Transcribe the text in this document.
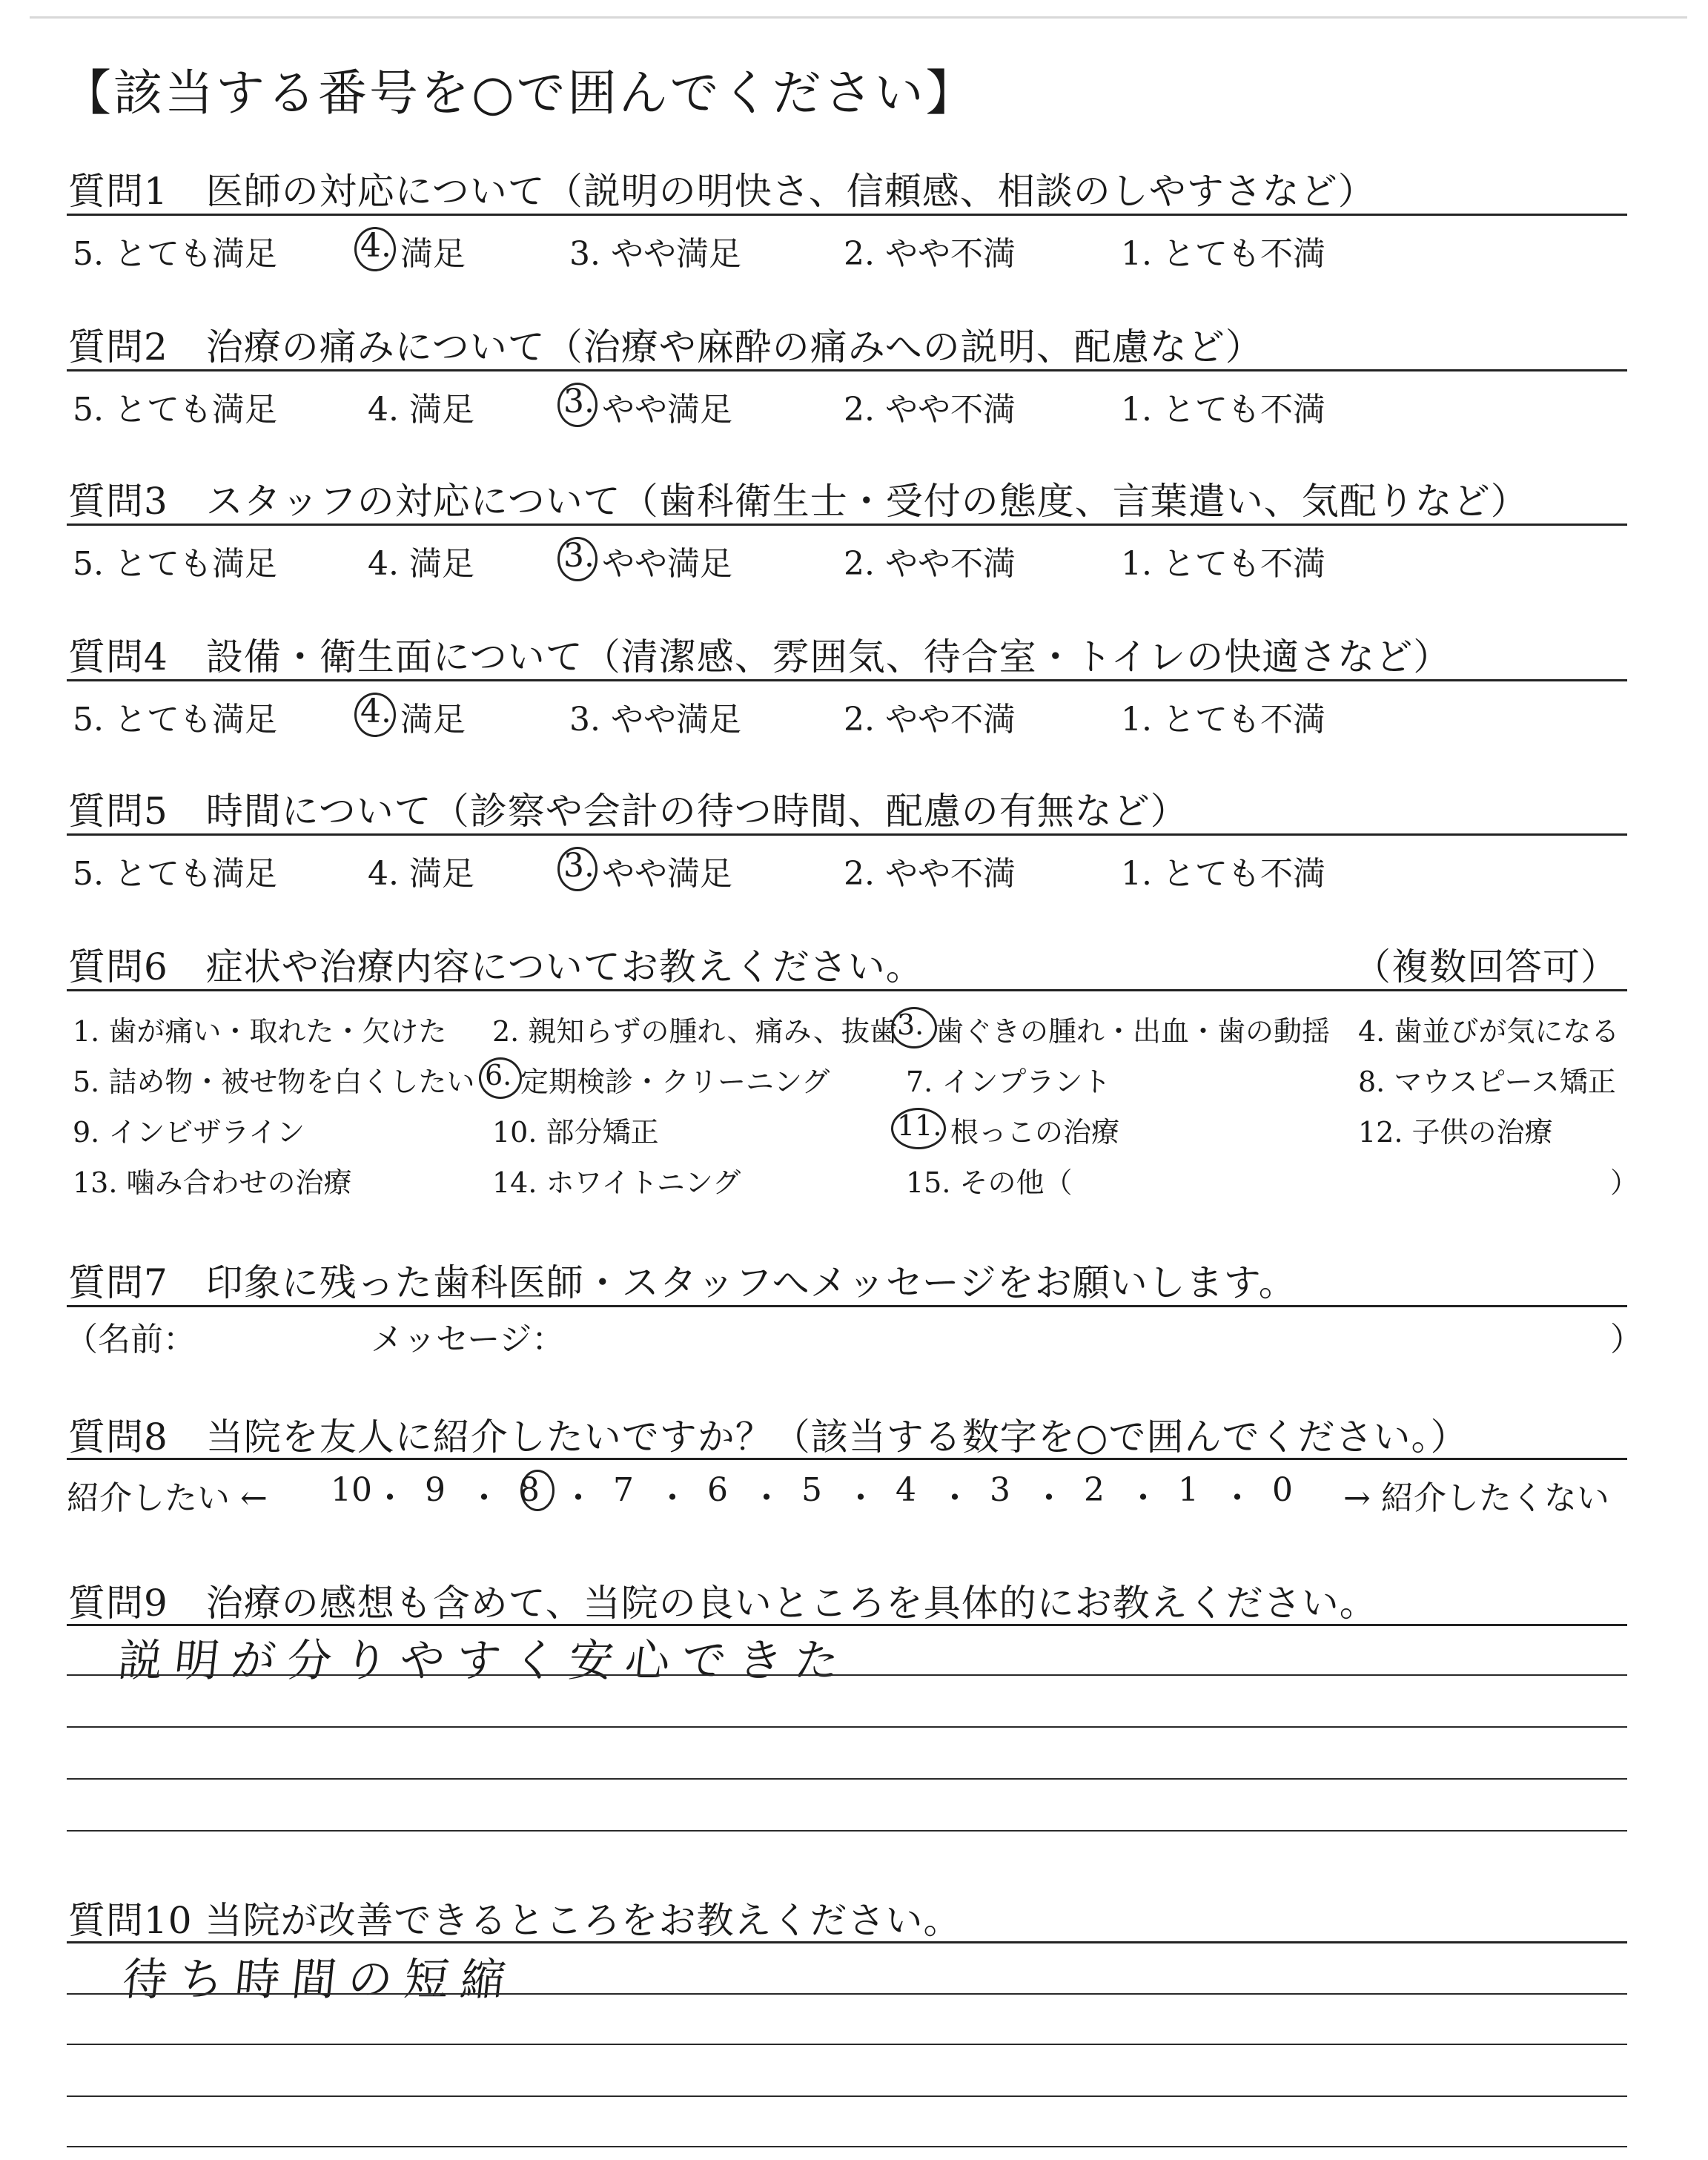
【該当する番号を○で囲んでください】
質問1　医師の対応について（説明の明快さ、信頼感、相談のしやすさなど）
5. とても満足	4. 満足	3. やや満足	2. やや不満	1. とても不満
質問2　治療の痛みについて（治療や麻酔の痛みへの説明、配慮など）
5. とても満足	4. 満足	3. やや満足	2. やや不満	1. とても不満
質問3　スタッフの対応について（歯科衛生士・受付の態度、言葉遣い、気配りなど）
5. とても満足	4. 満足	3. やや満足	2. やや不満	1. とても不満
質問4　設備・衛生面について（清潔感、雰囲気、待合室・トイレの快適さなど）
5. とても満足	4. 満足	3. やや満足	2. やや不満	1. とても不満
質問5　時間について（診察や会計の待つ時間、配慮の有無など）
5. とても満足	4. 満足	3. やや満足	2. やや不満	1. とても不満
質問6　症状や治療内容についてお教えください。	（複数回答可）
1. 歯が痛い・取れた・欠けた 2. 親知らずの腫れ、痛み、抜歯 3. 歯ぐきの腫れ・出血・歯の動揺 4. 歯並びが気になる
5. 詰め物・被せ物を白くしたい 6. 定期検診・クリーニング	7. インプラント	8. マウスピース矯正
9. インビザライン	10. 部分矯正	11. 根っこの治療	12. 子供の治療
13. 噛み合わせの治療	14. ホワイトニング	15. その他（	）
質問7　印象に残った歯科医師・スタッフへメッセージをお願いします。
（名前：	メッセージ：	）
質問8　当院を友人に紹介したいですか？（該当する数字を○で囲んでください。）
紹介したい ←	→ 紹介したくない
10 ・ 9 ・ 8 ・ 7 ・ 6 ・ 5 ・ 4 ・ 3 ・ 2 ・ 1 ・ 0
質問9　治療の感想も含めて、当院の良いところを具体的にお教えください。
説明が分りやすく安心できた
質問10 当院が改善できるところをお教えください。
待ち時間の短縮
